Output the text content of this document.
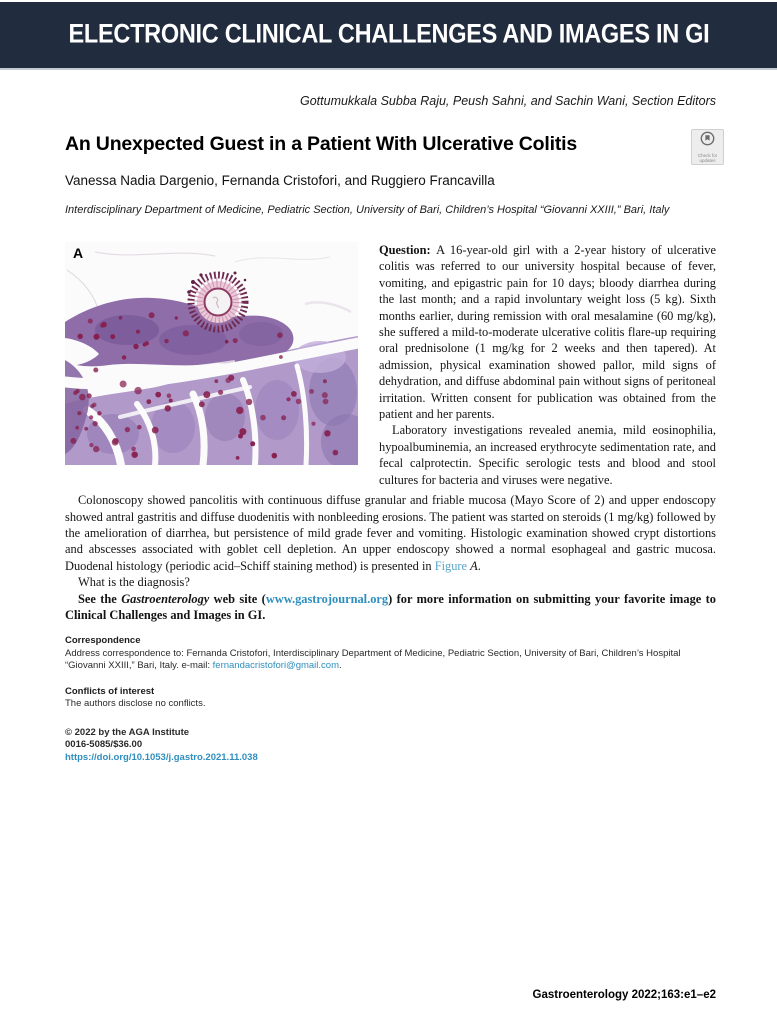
ELECTRONIC CLINICAL CHALLENGES AND IMAGES IN GI
Gottumukkala Subba Raju, Peush Sahni, and Sachin Wani, Section Editors
An Unexpected Guest in a Patient With Ulcerative Colitis
Check for updates
Vanessa Nadia Dargenio, Fernanda Cristofori, and Ruggiero Francavilla
Interdisciplinary Department of Medicine, Pediatric Section, University of Bari, Children’s Hospital “Giovanni XXIII,” Bari, Italy
A	Question: A 16-year-old girl with a 2-year history of ulcerative colitis was referred to our university hospital because of fever, vomiting, and epigastric pain for 10 days; bloody diarrhea during the last month; and a rapid involuntary weight loss (5 kg). Sixth months earlier, during remission with oral mesalamine (60 mg/kg), she suffered a mild-to-moderate ulcerative colitis flare-up requiring oral prednisolone (1 mg/kg for 2 weeks and then tapered). At admission, physical examination showed pallor, mild signs of dehydration, and diffuse abdominal pain without signs of peritoneal irritation. Written consent for publication was obtained from the patient and her parents.

Laboratory investigations revealed anemia, mild eosinophilia, hypoalbuminemia, an increased erythrocyte sedimentation rate, and fecal calprotectin. Specific serologic tests and blood and stool cultures for bacteria and viruses were negative.

Colonoscopy showed pancolitis with continuous diffuse granular and friable mucosa (Mayo Score of 2) and upper endoscopy showed antral gastritis and diffuse duodenitis with nonbleeding erosions. The patient was started on steroids (1 mg/kg) followed by the amelioration of diarrhea, but persistence of mild grade fever and vomiting. Histologic examination showed crypt distortions and abscesses associated with goblet cell depletion. An upper endoscopy showed a normal esophageal and gastric mucosa. Duodenal histology (periodic acid–Schiff staining method) is presented in Figure A.

What is the diagnosis?

See the Gastroenterology web site (www.gastrojournal.org) for more information on submitting your favorite image to Clinical Challenges and Images in GI.

Correspondence
Address correspondence to: Fernanda Cristofori, Interdisciplinary Department of Medicine, Pediatric Section, University of Bari, Children’s Hospital “Giovanni XXIII,” Bari, Italy. e-mail: fernandacristofori@gmail.com.
Conflicts of interest
The authors disclose no conflicts.
© 2022 by the AGA Institute
0016-5085/$36.00
https://doi.org/10.1053/j.gastro.2021.11.038
Gastroenterology 2022;163:e1–e2
